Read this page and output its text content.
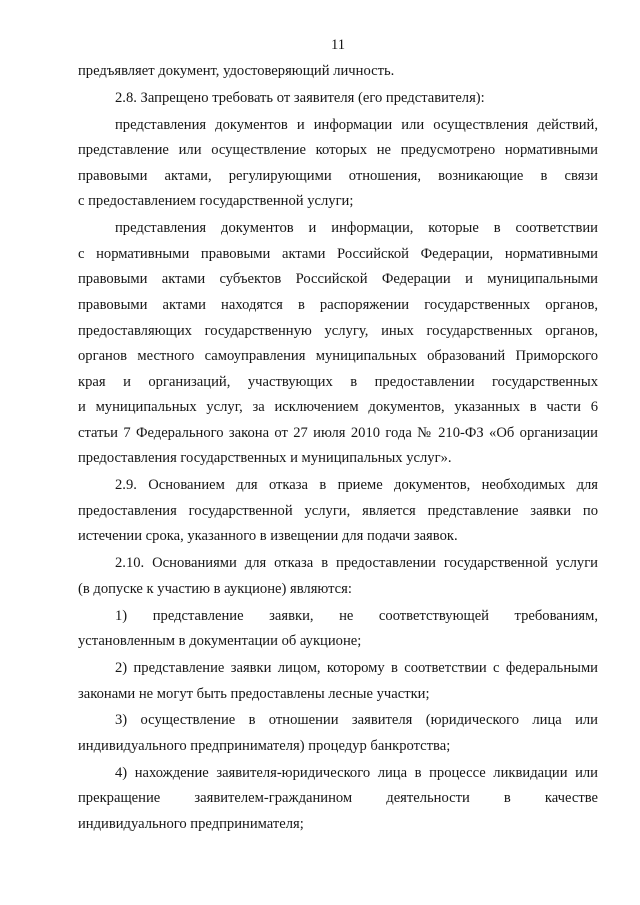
11
предъявляет документ, удостоверяющий личность.
2.8. Запрещено требовать от заявителя (его представителя):
представления документов и информации или осуществления действий,
представление или осуществление которых не предусмотрено нормативными
правовыми актами, регулирующими отношения, возникающие в связи
с предоставлением государственной услуги;
представления документов и информации, которые в соответствии
с нормативными правовыми актами Российской Федерации, нормативными
правовыми актами субъектов Российской Федерации и муниципальными
правовыми актами находятся в распоряжении государственных органов,
предоставляющих государственную услугу, иных государственных органов,
органов местного самоуправления муниципальных образований Приморского
края и организаций, участвующих в предоставлении государственных
и муниципальных услуг, за исключением документов, указанных в части 6
статьи 7 Федерального закона от 27 июля 2010 года № 210-ФЗ «Об организации
предоставления государственных и муниципальных услуг».
2.9. Основанием для отказа в приеме документов, необходимых для
предоставления государственной услуги, является представление заявки по
истечении срока, указанного в извещении для подачи заявок.
2.10. Основаниями для отказа в предоставлении государственной услуги
(в допуске к участию в аукционе) являются:
1) представление заявки, не соответствующей требованиям,
установленным в документации об аукционе;
2) представление заявки лицом, которому в соответствии с федеральными
законами не могут быть предоставлены лесные участки;
3) осуществление в отношении заявителя (юридического лица или
индивидуального предпринимателя) процедур банкротства;
4) нахождение заявителя-юридического лица в процессе ликвидации или
прекращение заявителем-гражданином деятельности в качестве
индивидуального предпринимателя;
